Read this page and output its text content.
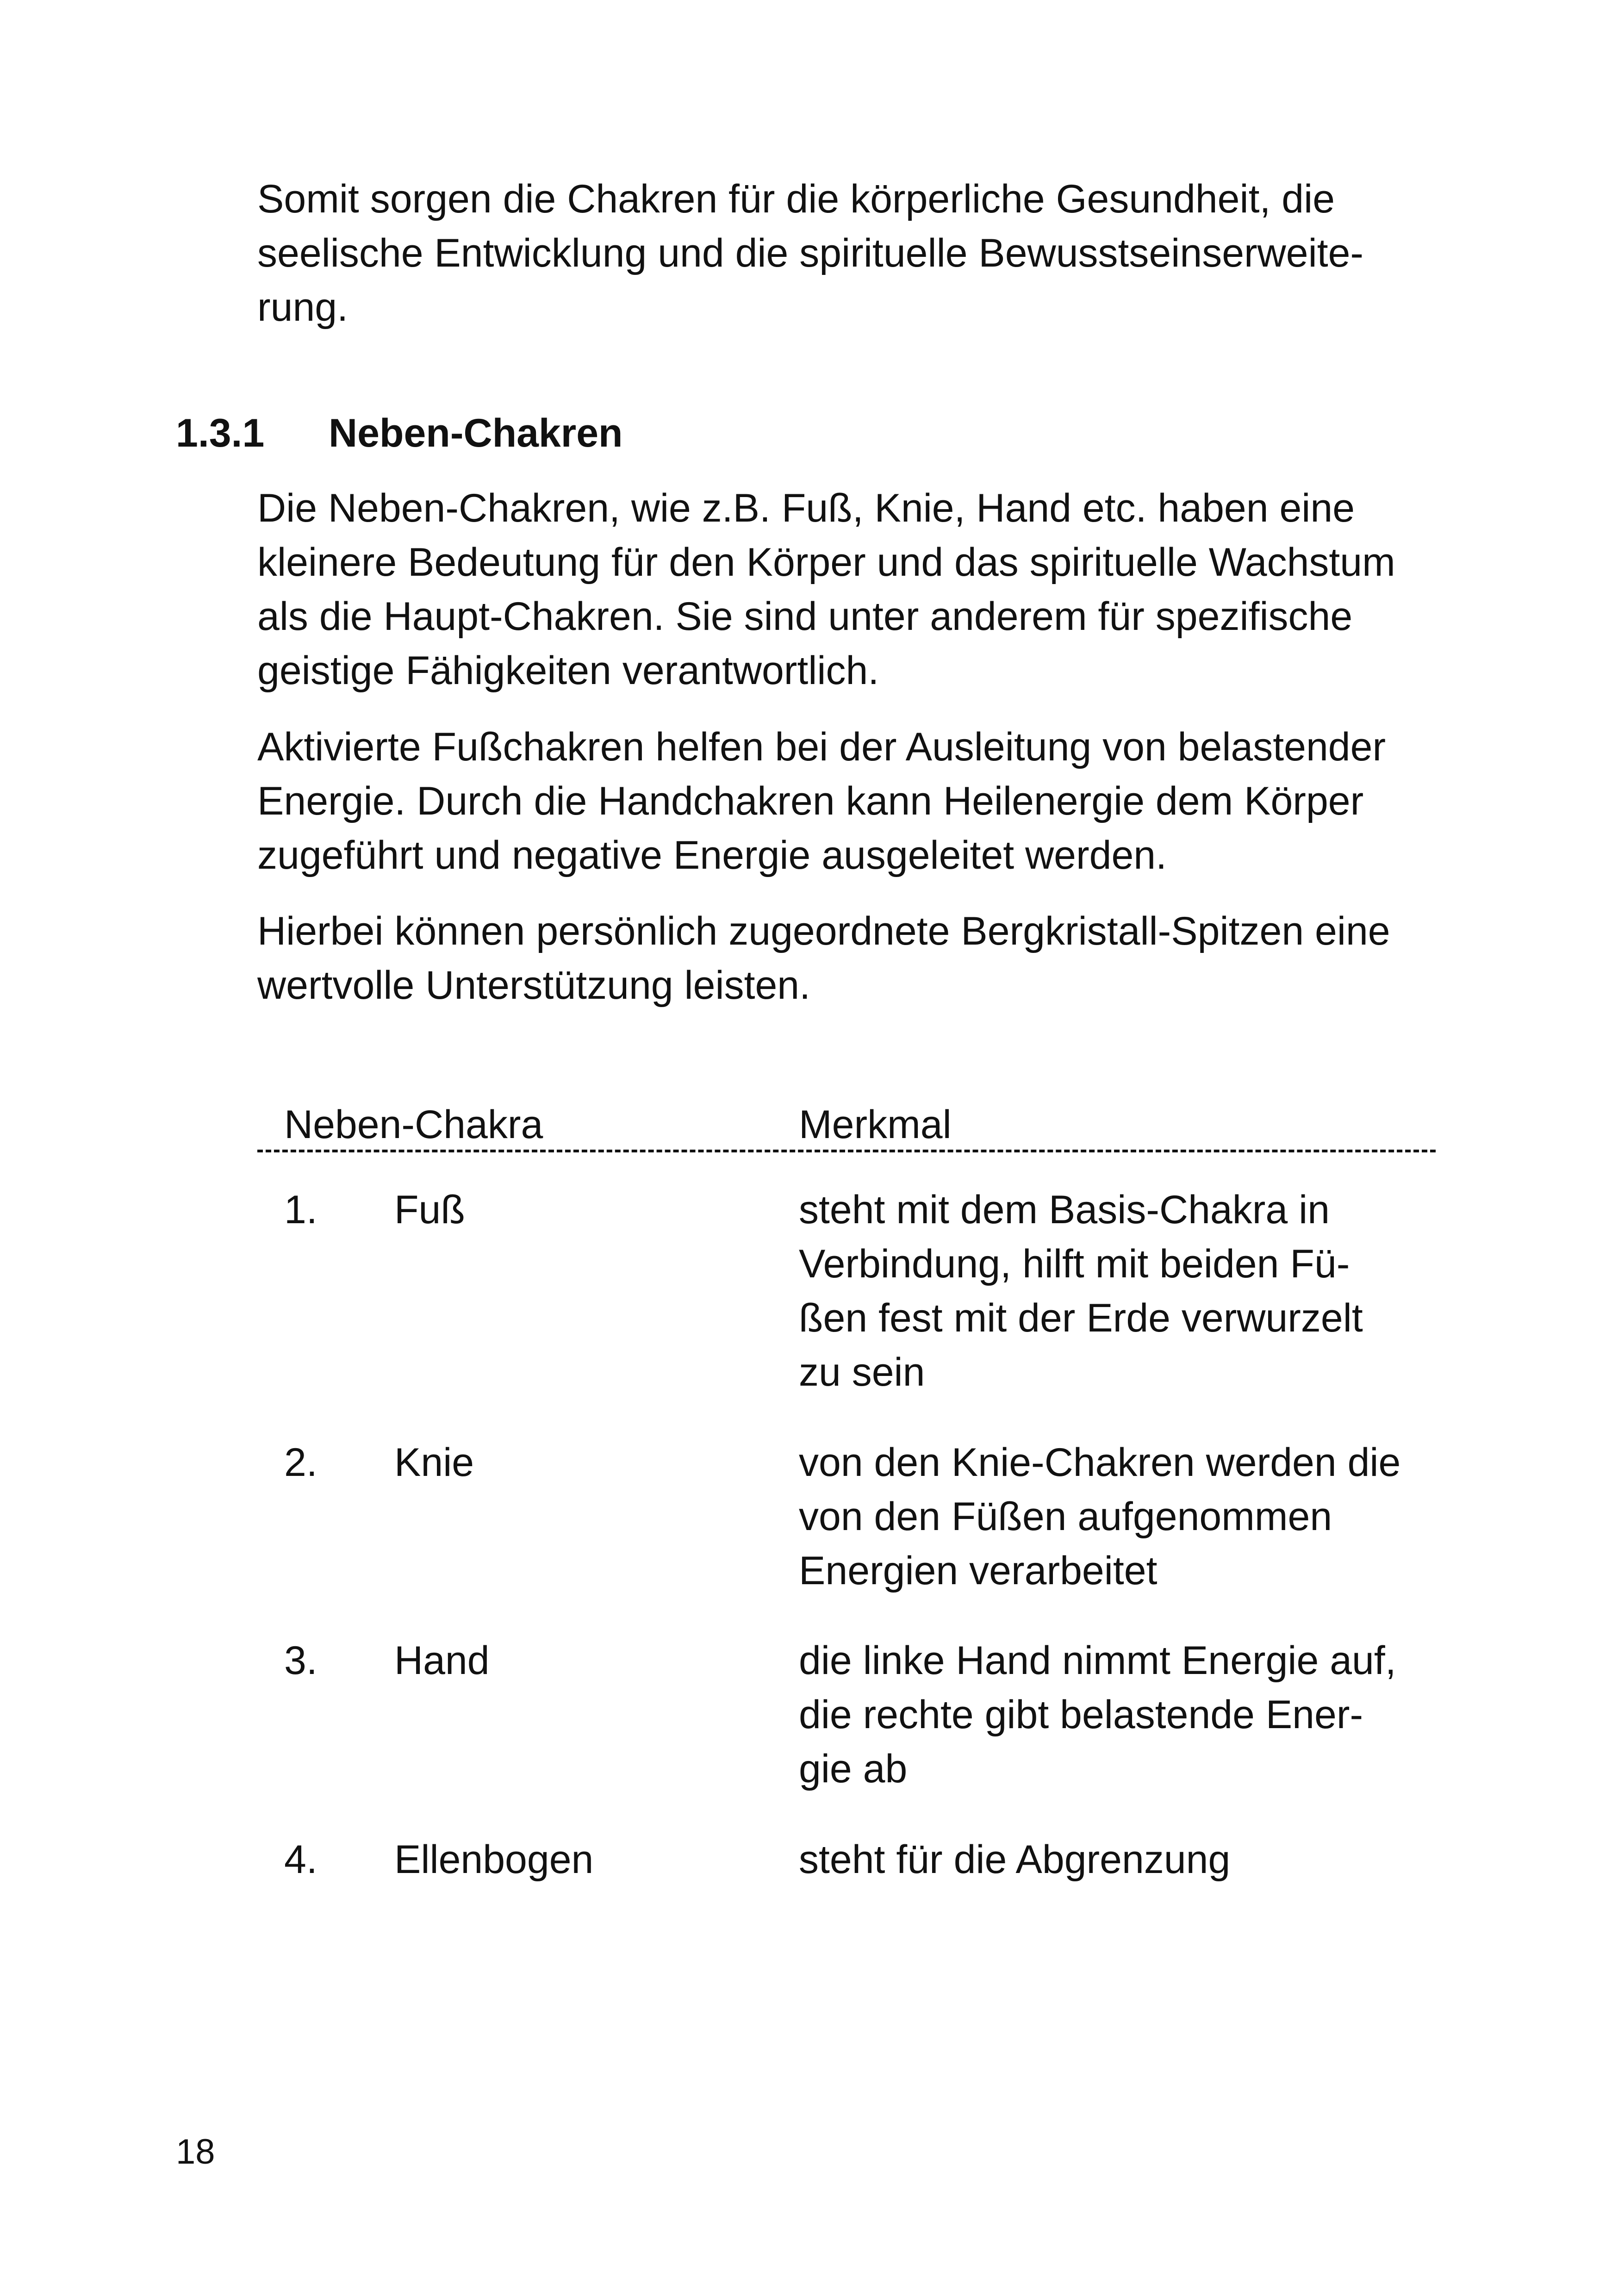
Somit sorgen die Chakren für die körperliche Gesundheit, die
seelische Entwicklung und die spirituelle Bewusstseinserweite-
rung.

1.3.1 Neben-Chakren

Die Neben-Chakren, wie z.B. Fuß, Knie, Hand etc. haben eine
kleinere Bedeutung für den Körper und das spirituelle Wachstum
als die Haupt-Chakren. Sie sind unter anderem für spezifische
geistige Fähigkeiten verantwortlich.

Aktivierte Fußchakren helfen bei der Ausleitung von belastender
Energie. Durch die Handchakren kann Heilenergie dem Körper
zugeführt und negative Energie ausgeleitet werden.

Hierbei können persönlich zugeordnete Bergkristall-Spitzen eine
wertvolle Unterstützung leisten.

Neben-Chakra	Merkmal
1. Fuß	steht mit dem Basis-Chakra in
Verbindung, hilft mit beiden Fü-
ßen fest mit der Erde verwurzelt
zu sein
2. Knie	von den Knie-Chakren werden die
von den Füßen aufgenommen
Energien verarbeitet
3. Hand	die linke Hand nimmt Energie auf,
die rechte gibt belastende Ener-
gie ab
4. Ellenbogen	steht für die Abgrenzung
18
